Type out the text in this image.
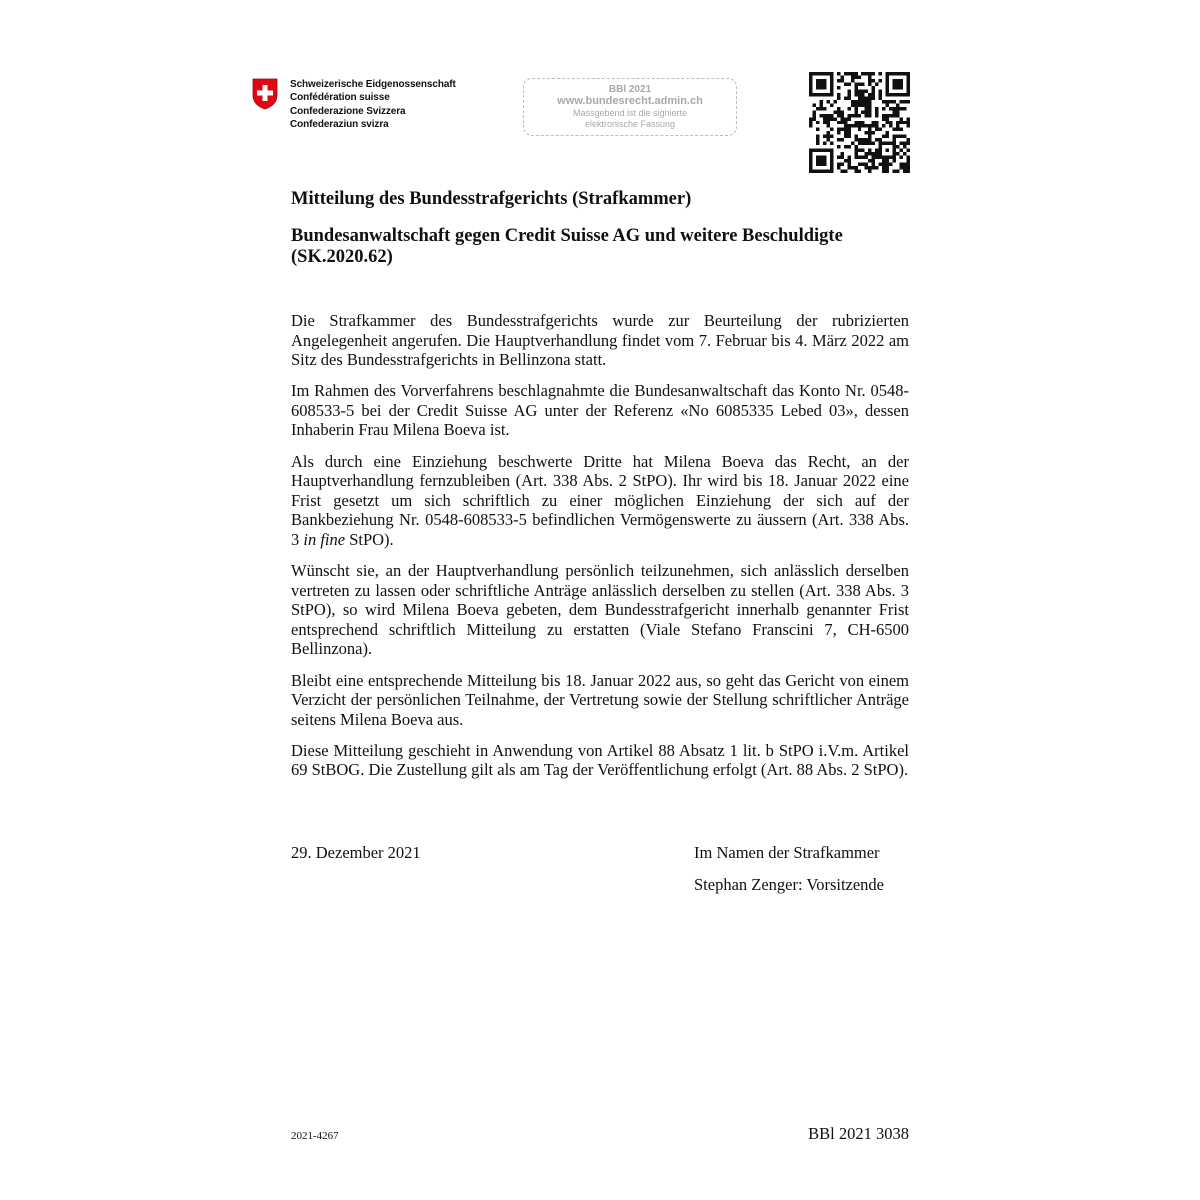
Schweizerische Eidgenossenschaft
Confédération suisse
Confederazione Svizzera
Confederaziun svizra
BBl 2021
www.bundesrecht.admin.ch
Massgebend ist die signierte
elektronische Fassung
Mitteilung des Bundesstrafgerichts (Strafkammer)
Bundesanwaltschaft gegen Credit Suisse AG und weitere Beschuldigte
(SK.2020.62)

Die Strafkammer des Bundesstrafgerichts wurde zur Beurteilung der rubrizierten Angelegenheit angerufen. Die Hauptverhandlung findet vom 7. Februar bis 4. März 2022 am Sitz des Bundesstrafgerichts in Bellinzona statt.

Im Rahmen des Vorverfahrens beschlagnahmte die Bundesanwaltschaft das Konto Nr. 0548-608533-5 bei der Credit Suisse AG unter der Referenz «No 6085335 Lebed 03», dessen Inhaberin Frau Milena Boeva ist.

Als durch eine Einziehung beschwerte Dritte hat Milena Boeva das Recht, an der Hauptverhandlung fernzubleiben (Art. 338 Abs. 2 StPO). Ihr wird bis 18. Januar 2022 eine Frist gesetzt um sich schriftlich zu einer möglichen Einziehung der sich auf der Bankbeziehung Nr. 0548-608533-5 befindlichen Vermögenswerte zu äussern (Art. 338 Abs. 3 in fine StPO).

Wünscht sie, an der Hauptverhandlung persönlich teilzunehmen, sich anlässlich derselben vertreten zu lassen oder schriftliche Anträge anlässlich derselben zu stellen (Art. 338 Abs. 3 StPO), so wird Milena Boeva gebeten, dem Bundesstrafgericht innerhalb genannter Frist entsprechend schriftlich Mitteilung zu erstatten (Viale Stefano Franscini 7, CH-6500 Bellinzona).

Bleibt eine entsprechende Mitteilung bis 18. Januar 2022 aus, so geht das Gericht von einem Verzicht der persönlichen Teilnahme, der Vertretung sowie der Stellung schriftlicher Anträge seitens Milena Boeva aus.

Diese Mitteilung geschieht in Anwendung von Artikel 88 Absatz 1 lit. b StPO i.V.m. Artikel 69 StBOG. Die Zustellung gilt als am Tag der Veröffentlichung erfolgt (Art. 88 Abs. 2 StPO).

29. Dezember 2021	Im Namen der Strafkammer
Stephan Zenger: Vorsitzende
2021-4267	BBl 2021 3038
